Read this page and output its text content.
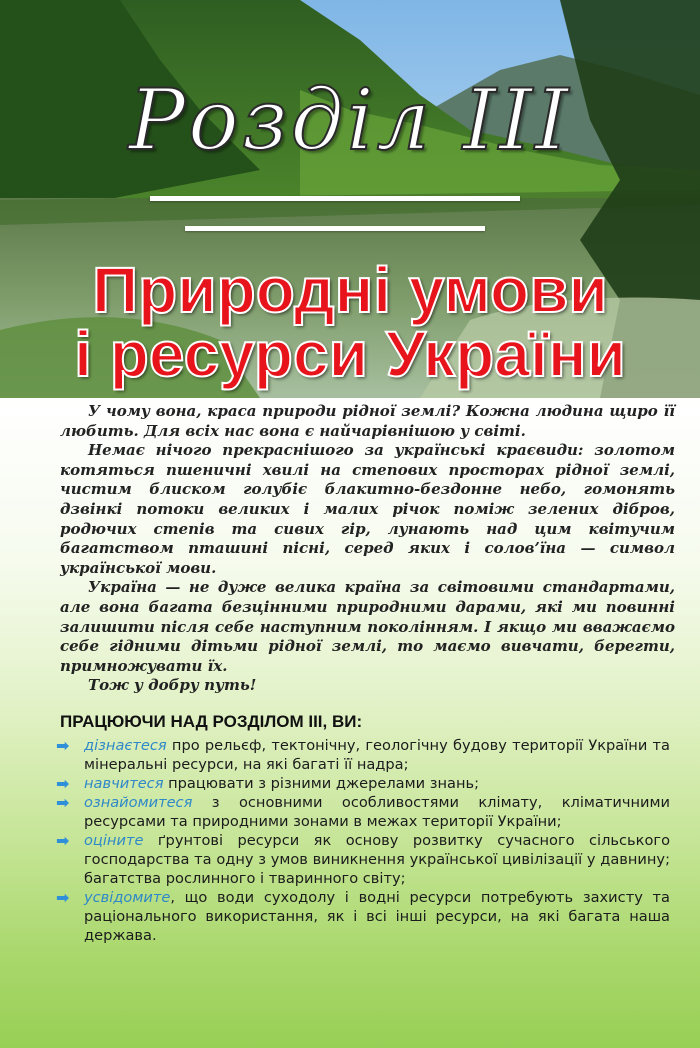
Розділ III
Природні умови
і ресурси України

У чому вона, краса природи рідної землі? Кожна людина щиро її любить. Для всіх нас вона є найчарівнішою у світі.

Немає нічого прекраснішого за українські краєвиди: золотом котяться пшеничні хвилі на степових просторах рідної землі, чистим блиском голубіє блакитно-бездонне небо, гомонять дзвінкі потоки великих і малих річок поміж зелених дібров, родючих степів та сивих гір, лунають над цим квітучим багатством пташині пісні, серед яких і солов’їна — символ української мови.

Україна — не дуже велика країна за світовими стандартами, але вона багата безцінними природними дарами, які ми повинні залишити після себе наступним поколінням. І якщо ми вважаємо себе гідними дітьми рідної землі, то маємо вивчати, берегти, примножувати їх.

Тож у добру путь!

ПРАЦЮЮЧИ НАД РОЗДІЛОМ III, ВИ:
➡ дізнаєтеся про рельєф, тектонічну, геологічну будову території України та мінеральні ресурси, на які багаті її надра;
➡ навчитеся працювати з різними джерелами знань;
➡ ознайомитеся з основними особливостями клімату, кліматичними ресурсами та природними зонами в межах території України;
➡ оціните ґрунтові ресурси як основу розвитку сучасного сільського господарства та одну з умов виникнення української цивілізації у давнину; багатства рослинного і тваринного світу;
➡ усвідомите, що води суходолу і водні ресурси потребують захисту та раціонального використання, як і всі інші ресурси, на які багата наша держава.
